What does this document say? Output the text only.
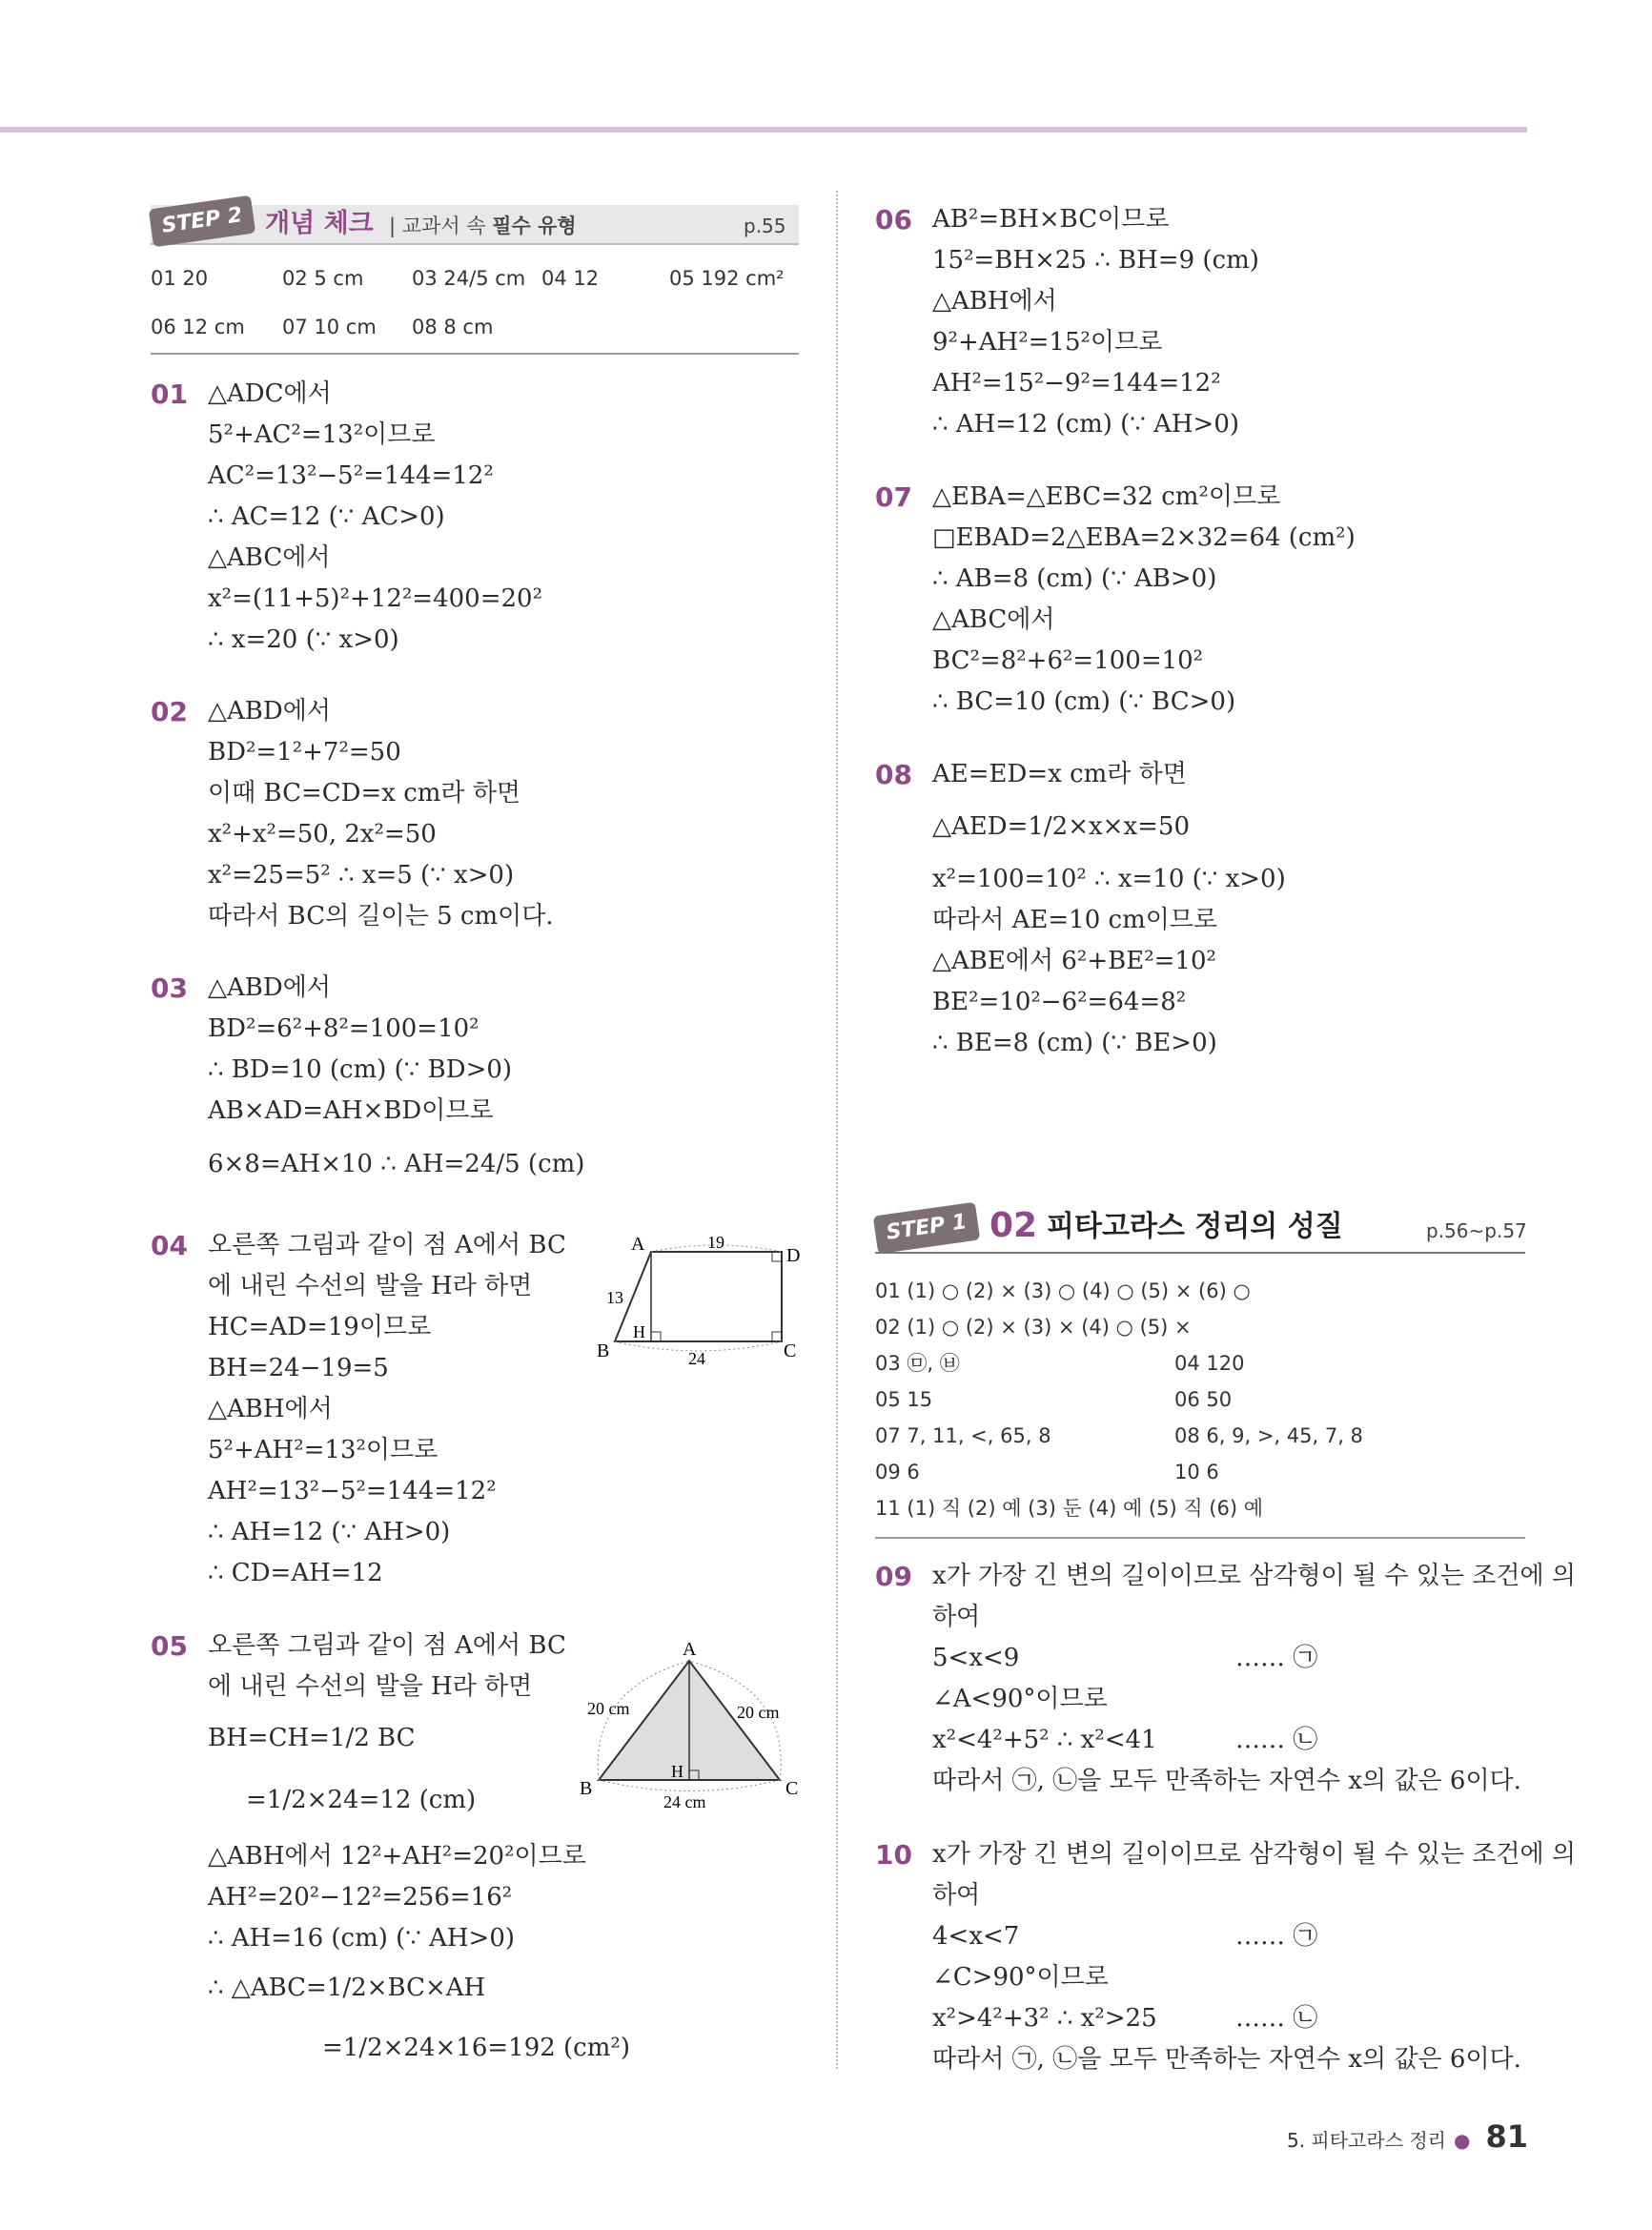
STEP 2 개념 체크 | 교과서 속 필수 유형	p.55
01 20	02 5 cm 03 24/5 cm 04 12	05 192 cm²
06 12 cm 07 10 cm 08 8 cm
01 △ADC에서
5²+AC²=13²이므로
AC²=13²−5²=144=12²
∴ AC=12 (∵ AC>0)
△ABC에서
x²=(11+5)²+12²=400=20²
∴ x=20 (∵ x>0)
02 △ABD에서
BD²=1²+7²=50
이때 BC=CD=x cm라 하면
x²+x²=50, 2x²=50
x²=25=5² ∴ x=5 (∵ x>0)
따라서 BC의 길이는 5 cm이다.
03 △ABD에서
BD²=6²+8²=100=10²
∴ BD=10 (cm) (∵ BD>0)
AB×AD=AH×BD이므로
6×8=AH×10 ∴ AH=24/5 (cm)
04 오른쪽 그림과 같이 점 A에서 BC
에 내린 수선의 발을 H라 하면
HC=AD=19이므로
BH=24−19=5
△ABH에서
5²+AH²=13²이므로
AH²=13²−5²=144=12²
∴ AH=12 (∵ AH>0)
∴ CD=AH=12
A
D
B	C
H
19
13
24
05 오른쪽 그림과 같이 점 A에서 BC
에 내린 수선의 발을 H라 하면
BH=CH=1/2 BC
=1/2×24=12 (cm)
△ABH에서 12²+AH²=20²이므로
AH²=20²−12²=256=16²
∴ AH=16 (cm) (∵ AH>0)
∴ △ABC=1/2×BC×AH
=1/2×24×16=192 (cm²)
A
B	C
H
20 cm	20 cm
24 cm
06 AB²=BH×BC이므로
15²=BH×25 ∴ BH=9 (cm)
△ABH에서
9²+AH²=15²이므로
AH²=15²−9²=144=12²
∴ AH=12 (cm) (∵ AH>0)
07 △EBA=△EBC=32 cm²이므로
□EBAD=2△EBA=2×32=64 (cm²)
∴ AB=8 (cm) (∵ AB>0)
△ABC에서
BC²=8²+6²=100=10²
∴ BC=10 (cm) (∵ BC>0)
08 AE=ED=x cm라 하면
△AED=1/2×x×x=50
x²=100=10² ∴ x=10 (∵ x>0)
따라서 AE=10 cm이므로
△ABE에서 6²+BE²=10²
BE²=10²−6²=64=8²
∴ BE=8 (cm) (∵ BE>0)
STEP 1 02 피타고라스 정리의 성질	p.56~p.57
01 (1) ○ (2) × (3) ○ (4) ○ (5) × (6) ○
02 (1) ○ (2) × (3) × (4) ○ (5) ×
03 ㉤, ㉥	04 120
05 15	06 50
07 7, 11, <, 65, 8	08 6, 9, >, 45, 7, 8
09 6	10 6
11 (1) 직 (2) 예 (3) 둔 (4) 예 (5) 직 (6) 예
09 x가 가장 긴 변의 길이이므로 삼각형이 될 수 있는 조건에 의
하여
5<x<9	…… ㉠
∠A<90°이므로
x²<4²+5² ∴ x²<41	…… ㉡
따라서 ㉠, ㉡을 모두 만족하는 자연수 x의 값은 6이다.
10 x가 가장 긴 변의 길이이므로 삼각형이 될 수 있는 조건에 의
하여
4<x<7	…… ㉠
∠C>90°이므로
x²>4²+3² ∴ x²>25	…… ㉡
따라서 ㉠, ㉡을 모두 만족하는 자연수 x의 값은 6이다.
5. 피타고라스 정리 ● 81
